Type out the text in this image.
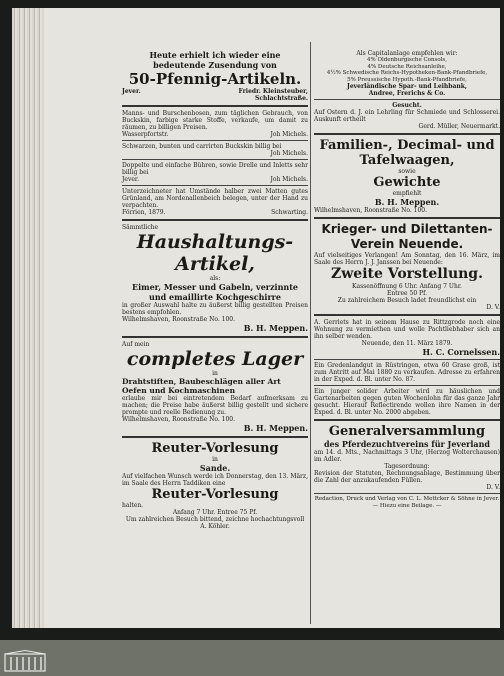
Heute erhielt ich wieder eine bedeutende Zusendung von
50-Pfennig-Artikeln.
Jever.	Friedr. Kleinsteuber,
Schlachtstraße.
Manns- und Burschenhosen, zum täglichen Gebrauch, von Buckskin, farbige starke Stoffe, verkaufe, um damit zu räumen, zu billigen Preisen.
Wasserpfortstr.	Joh Michels.
Schwarzen, bunten und carrirten Buckskin billig bei
Joh Michels.
Doppelte und einfache Bühren, sowie Drelle und Inletts sehr billig bei
Jever.	Joh Michels.
Unterzeichneter hat Umstände halber zwei Matten gutes Grünland, am Nordenallenbeich belegen, unter der Hand zu verpachten.
Förrien, 1879.	Schwarting.
Sämmtliche
Haushaltungs-Artikel,
als:
Eimer, Messer und Gabeln, verzinnte und emaillirte Kochgeschirre
in großer Auswahl halte zu äußerst billig gestellten Preisen bestens empfohlen.
Wilhelmshaven, Roonstraße No. 100.
B. H. Meppen.
Auf mein
completes Lager
in
Drahtstiften, Baubeschlägen aller Art Oefen und Kochmaschinen
erlaube mir bei eintretendem Bedarf aufmerksam zu machen; die Preise habe äußerst billig gestellt und sichere prompte und reelle Bedienung zu.
Wilhelmshaven, Roonstraße No. 100.
B. H. Meppen.
Reuter-Vorlesung
in
Sande.
Auf vielfachen Wunsch werde ich Donnerstag, den 13. März, im Saale des Herrn Taddiken eine
Reuter-Vorlesung
halten.
Anfang 7 Uhr. Entree 75 Pf.
Um zahlreichen Besuch bittend, zeichne hochachtungsvoll A. Köhler.
Als Capitalanlage empfehlen wir:
4% Oldenburgische Consols,
4% Deutsche Reichsanleihe,
4½% Schwedische Reichs-Hypotheken-Bank-Pfandbriefe,
5% Preussische Hypoth.-Bank-Pfandbriefe,
Jeverländische Spar- und Leihbank,
Andree, Frerichs & Co.
Gesucht.
Auf Ostern d. J. ein Lehrling für Schmiede und Schlosserei. Auskunft ertheilt
Gerd. Müller, Neuermarkt.
Familien-, Decimal- und Tafelwaagen,
sowie
Gewichte
empfiehlt
B. H. Meppen.
Wilhelmshaven, Roonstraße No. 100.
Krieger- und Dilettanten-Verein Neuende.
Auf vielseitiges Verlangen! Am Sonntag, den 16. März, im Saale des Herrn J. J. Janssen bei Neuende:
Zweite Vorstellung.
Kassenöffnung 6 Uhr. Anfang 7 Uhr.
Entree 50 Pf.
Zu zahlreichem Besuch ladet freundlichst ein
D. V.
A. Gerriets hat in seinem Hause zu Rittzgrode noch eine Wohnung zu vermiethen und wolle Pachtliebhaber sich an ihn selber wenden.
Neuende, den 11. März 1879.
H. C. Cornelssen.
Ein Gredenlandgut in Rüstringen, etwa 60 Grase groß, ist zum Antritt auf Mai 1880 zu verkaufen. Adresse zu erfahren in der Exped. d. Bl. unter No. 87.
Ein junger solider Arbeiter wird zu häuslichen und Gartenarbeiten gegen guten Wochenlohn für das ganze Jahr gesucht. Hierauf Reflectirende wollen ihre Namen in der Exped. d. Bl. unter No. 2000 abgeben.
Generalversammlung
des Pferdezuchtvereins für Jeverland
am 14. d. Mts., Nachmittags 3 Uhr, (Herzog Wolterchausen) im Adler.
Tagesordnung:
Revision der Statuten, Rechnungsablage, Bestimmung über die Zahl der anzukaufenden Füllen.
D. V.
Redaction, Druck und Verlag von C. L. Mettcker & Söhne in Jever.
— Hiezu eine Beilage. —
